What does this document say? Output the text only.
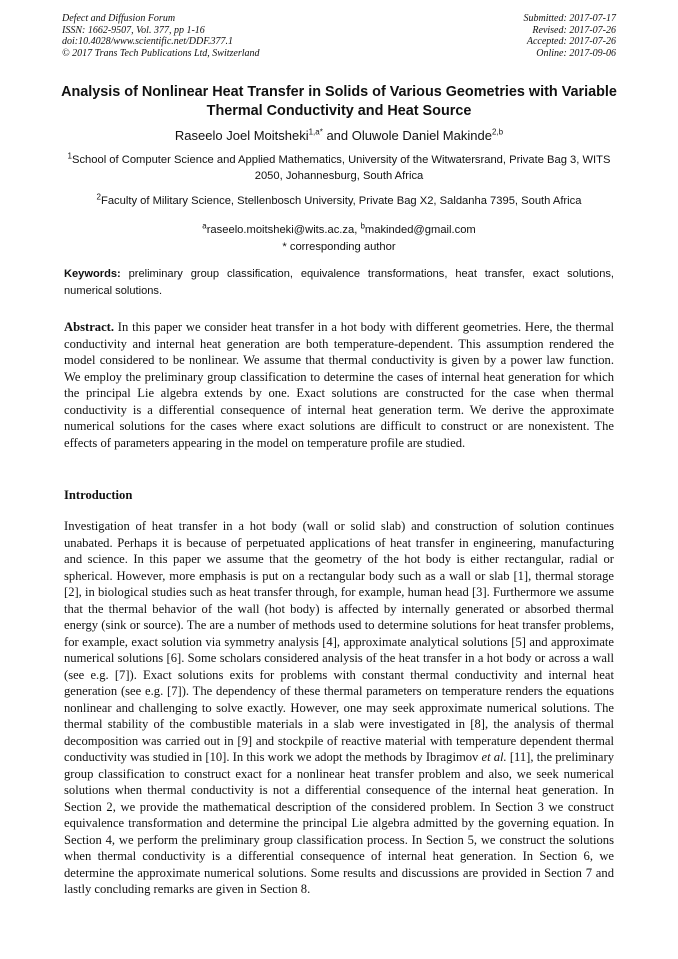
Defect and Diffusion Forum
ISSN: 1662-9507, Vol. 377, pp 1-16
doi:10.4028/www.scientific.net/DDF.377.1
© 2017 Trans Tech Publications Ltd, Switzerland
Submitted: 2017-07-17
Revised: 2017-07-26
Accepted: 2017-07-26
Online: 2017-09-06
Analysis of Nonlinear Heat Transfer in Solids of Various Geometries with Variable Thermal Conductivity and Heat Source
Raseelo Joel Moitsheki$^{1,a*}$ and Oluwole Daniel Makinde$^{2,b}$
$^1$School of Computer Science and Applied Mathematics, University of the Witwatersrand, Private Bag 3, WITS 2050, Johannesburg, South Africa
$^2$Faculty of Military Science, Stellenbosch University, Private Bag X2, Saldanha 7395, South Africa
$^a$raseelo.moitsheki@wits.ac.za, $^b$makinded@gmail.com
* corresponding author
Keywords: preliminary group classification, equivalence transformations, heat transfer, exact solutions, numerical solutions.
Abstract. In this paper we consider heat transfer in a hot body with different geometries. Here, the thermal conductivity and internal heat generation are both temperature-dependent. This assumption rendered the model considered to be nonlinear. We assume that thermal conductivity is given by a power law function. We employ the preliminary group classification to determine the cases of internal heat generation for which the principal Lie algebra extends by one. Exact solutions are constructed for the case when thermal conductivity is a differential consequence of internal heat generation term. We derive the approximate numerical solutions for the cases where exact solutions are difficult to construct or are nonexistent. The effects of parameters appearing in the model on temperature profile are studied.
Introduction

Investigation of heat transfer in a hot body (wall or solid slab) and construction of solution continues unabated. Perhaps it is because of perpetuated applications of heat transfer in engineering, manufacturing and science. In this paper we assume that the geometry of the hot body is either rectangular, radial or spherical. However, more emphasis is put on a rectangular body such as a wall or slab [1], thermal storage [2], in biological studies such as heat transfer through, for example, human head [3]. Furthermore we assume that the thermal behavior of the wall (hot body) is affected by internally generated or absorbed thermal energy (sink or source). The are a number of methods used to determine solutions for heat transfer problems, for example, exact solution via symmetry analysis [4], approximate analytical solutions [5] and approximate numerical solutions [6]. Some scholars considered analysis of the heat transfer in a hot body or across a wall (see e.g. [7]). Exact solutions exits for problems with constant thermal conductivity and internal heat generation (see e.g. [7]). The dependency of these thermal parameters on temperature renders the equations nonlinear and challenging to solve exactly. However, one may seek approximate numerical solutions. The thermal stability of the combustible materials in a slab were investigated in [8], the analysis of thermal decomposition was carried out in [9] and stockpile of reactive material with temperature dependent thermal conductivity was studied in [10]. In this work we adopt the methods by Ibragimov et al. [11], the preliminary group classification to construct exact for a nonlinear heat transfer problem and also, we seek numerical solutions when thermal conductivity is not a differential consequence of the internal heat generation. In Section 2, we provide the mathematical description of the considered problem. In Section 3 we construct equivalence transformation and determine the principal Lie algebra admitted by the governing equation. In Section 4, we perform the preliminary group classification process. In Section 5, we construct the solutions when thermal conductivity is a differential consequence of internal heat generation. In Section 6, we determine the approximate numerical solutions. Some results and discussions are provided in Section 7 and lastly concluding remarks are given in Section 8.
